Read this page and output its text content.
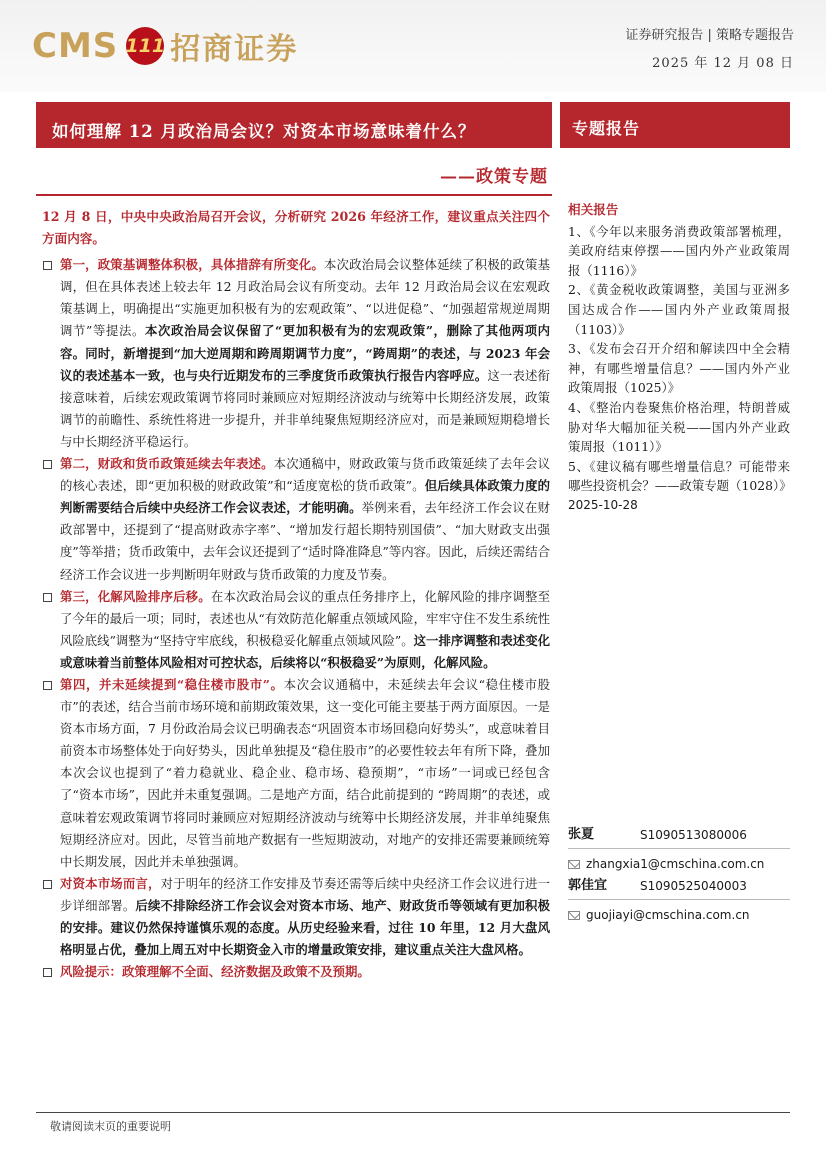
CMS 111 招商证券	证券研究报告 | 策略专题报告
2025 年 12 月 08 日
如何理解 12 月政治局会议？对资本市场意味着什么？	专题报告
——政策专题
12 月 8 日，中央中央政治局召开会议，分析研究 2026 年经济工作，建议重点关注四个方面内容。
第一，政策基调整体积极，具体措辞有所变化。本次政治局会议整体延续了积极的政策基调，但在具体表述上较去年 12 月政治局会议有所变动。去年 12 月政治局会议在宏观政策基调上，明确提出“实施更加积极有为的宏观政策”、“以进促稳”、“加强超常规逆周期调节”等提法。本次政治局会议保留了“更加积极有为的宏观政策”，删除了其他两项内容。同时，新增提到“加大逆周期和跨周期调节力度”，“跨周期”的表述，与 2023 年会议的表述基本一致，也与央行近期发布的三季度货币政策执行报告内容呼应。这一表述衔接意味着，后续宏观政策调节将同时兼顾应对短期经济波动与统筹中长期经济发展，政策调节的前瞻性、系统性将进一步提升，并非单纯聚焦短期经济应对，而是兼顾短期稳增长与中长期经济平稳运行。
第二，财政和货币政策延续去年表述。本次通稿中，财政政策与货币政策延续了去年会议的核心表述，即“更加积极的财政政策”和“适度宽松的货币政策”。但后续具体政策力度的判断需要结合后续中央经济工作会议表述，才能明确。举例来看，去年经济工作会议在财政部署中，还提到了“提高财政赤字率”、“增加发行超长期特别国债”、“加大财政支出强度”等举措；货币政策中，去年会议还提到了“适时降准降息”等内容。因此，后续还需结合经济工作会议进一步判断明年财政与货币政策的力度及节奏。
第三，化解风险排序后移。在本次政治局会议的重点任务排序上，化解风险的排序调整至了今年的最后一项；同时，表述也从“有效防范化解重点领域风险，牢牢守住不发生系统性风险底线”调整为“坚持守牢底线，积极稳妥化解重点领域风险”。这一排序调整和表述变化或意味着当前整体风险相对可控状态，后续将以“积极稳妥”为原则，化解风险。
第四，并未延续提到“稳住楼市股市”。本次会议通稿中，未延续去年会议“稳住楼市股市”的表述，结合当前市场环境和前期政策效果，这一变化可能主要基于两方面原因。一是资本市场方面，7 月份政治局会议已明确表态“巩固资本市场回稳向好势头”，或意味着目前资本市场整体处于向好势头，因此单独提及“稳住股市”的必要性较去年有所下降，叠加本次会议也提到了“着力稳就业、稳企业、稳市场、稳预期”，“市场”一词或已经包含了“资本市场”，因此并未重复强调。二是地产方面，结合此前提到的 “跨周期”的表述，或意味着宏观政策调节将同时兼顾应对短期经济波动与统筹中长期经济发展，并非单纯聚焦短期经济应对。因此，尽管当前地产数据有一些短期波动，对地产的安排还需要兼顾统筹中长期发展，因此并未单独强调。
对资本市场而言，对于明年的经济工作安排及节奏还需等后续中央经济工作会议进行进一步详细部署。后续不排除经济工作会议会对资本市场、地产、财政货币等领域有更加积极的安排。建议仍然保持谨慎乐观的态度。从历史经验来看，过往 10 年里，12 月大盘风格明显占优，叠加上周五对中长期资金入市的增量政策安排，建议重点关注大盘风格。
风险提示：政策理解不全面、经济数据及政策不及预期。
相关报告
1、《今年以来服务消费政策部署梳理，美政府结束停摆——国内外产业政策周报（1116）》
2、《黄金税收政策调整，美国与亚洲多国达成合作——国内外产业政策周报（1103）》
3、《发布会召开介绍和解读四中全会精神，有哪些增量信息？——国内外产业政策周报（1025）》
4、《整治内卷聚焦价格治理，特朗普威胁对华大幅加征关税——国内外产业政策周报（1011）》
5、《建议稿有哪些增量信息？可能带来哪些投资机会？——政策专题（1028）》
2025-10-28
张夏	S1090513080006
zhangxia1@cmschina.com.cn
郭佳宜	S1090525040003
guojiayi@cmschina.com.cn
敬请阅读末页的重要说明
